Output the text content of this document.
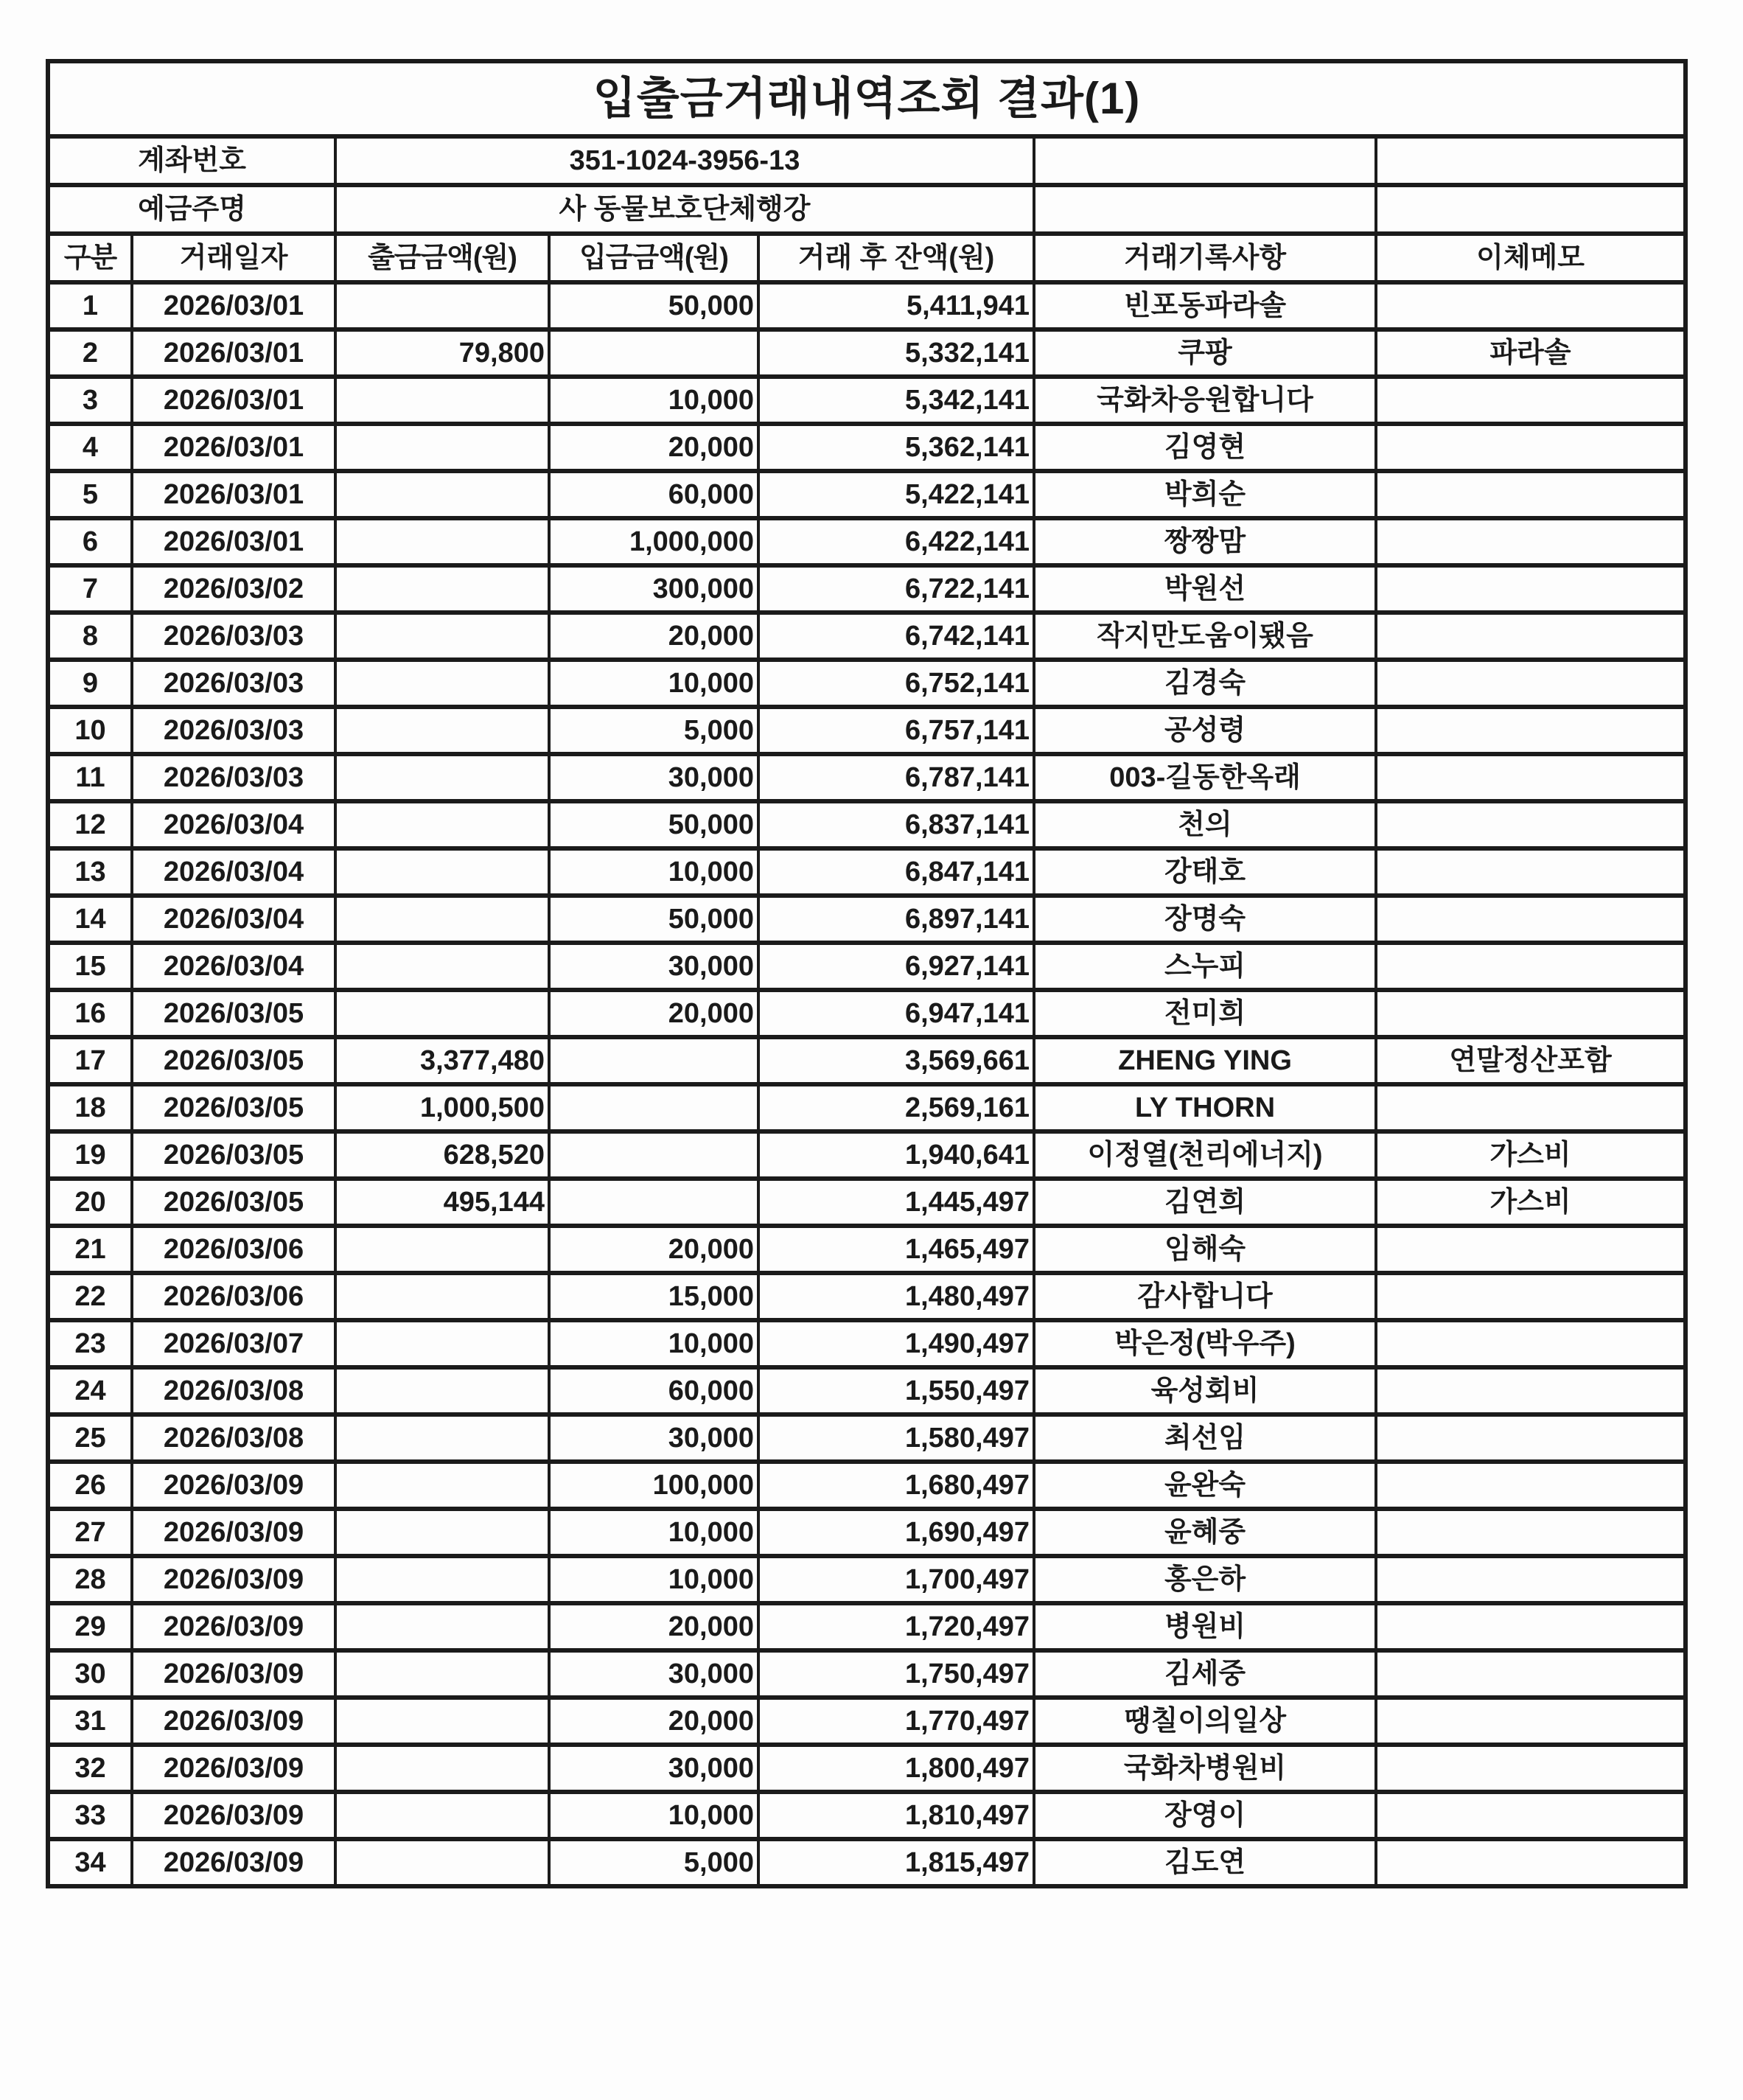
입출금거래내역조회 결과(1)						
계좌번호		351-1024-3956-13				
예금주명		사 동물보호단체행강				
구분	거래일자	출금금액(원)	입금금액(원)	거래 후 잔액(원)	거래기록사항	이체메모
1	2026/03/01		50,000	5,411,941	빈포동파라솔	
2	2026/03/01	79,800		5,332,141	쿠팡	파라솔
3	2026/03/01		10,000	5,342,141	국화차응원합니다	
4	2026/03/01		20,000	5,362,141	김영현	
5	2026/03/01		60,000	5,422,141	박희순	
6	2026/03/01		1,000,000	6,422,141	짱짱맘	
7	2026/03/02		300,000	6,722,141	박원선	
8	2026/03/03		20,000	6,742,141	작지만도움이됐음	
9	2026/03/03		10,000	6,752,141	김경숙	
10	2026/03/03		5,000	6,757,141	공성령	
11	2026/03/03		30,000	6,787,141	003-길동한옥래	
12	2026/03/04		50,000	6,837,141	천의	
13	2026/03/04		10,000	6,847,141	강태호	
14	2026/03/04		50,000	6,897,141	장명숙	
15	2026/03/04		30,000	6,927,141	스누피	
16	2026/03/05		20,000	6,947,141	전미희	
17	2026/03/05	3,377,480		3,569,661	ZHENG YING	연말정산포함
18	2026/03/05	1,000,500		2,569,161	LY THORN	
19	2026/03/05	628,520		1,940,641	이정열(천리에너지)	가스비
20	2026/03/05	495,144		1,445,497	김연희	가스비
21	2026/03/06		20,000	1,465,497	임해숙	
22	2026/03/06		15,000	1,480,497	감사합니다	
23	2026/03/07		10,000	1,490,497	박은정(박우주)	
24	2026/03/08		60,000	1,550,497	육성회비	
25	2026/03/08		30,000	1,580,497	최선임	
26	2026/03/09		100,000	1,680,497	윤완숙	
27	2026/03/09		10,000	1,690,497	윤혜중	
28	2026/03/09		10,000	1,700,497	홍은하	
29	2026/03/09		20,000	1,720,497	병원비	
30	2026/03/09		30,000	1,750,497	김세중	
31	2026/03/09		20,000	1,770,497	땡칠이의일상	
32	2026/03/09		30,000	1,800,497	국화차병원비	
33	2026/03/09		10,000	1,810,497	장영이	
34	2026/03/09		5,000	1,815,497	김도연	
